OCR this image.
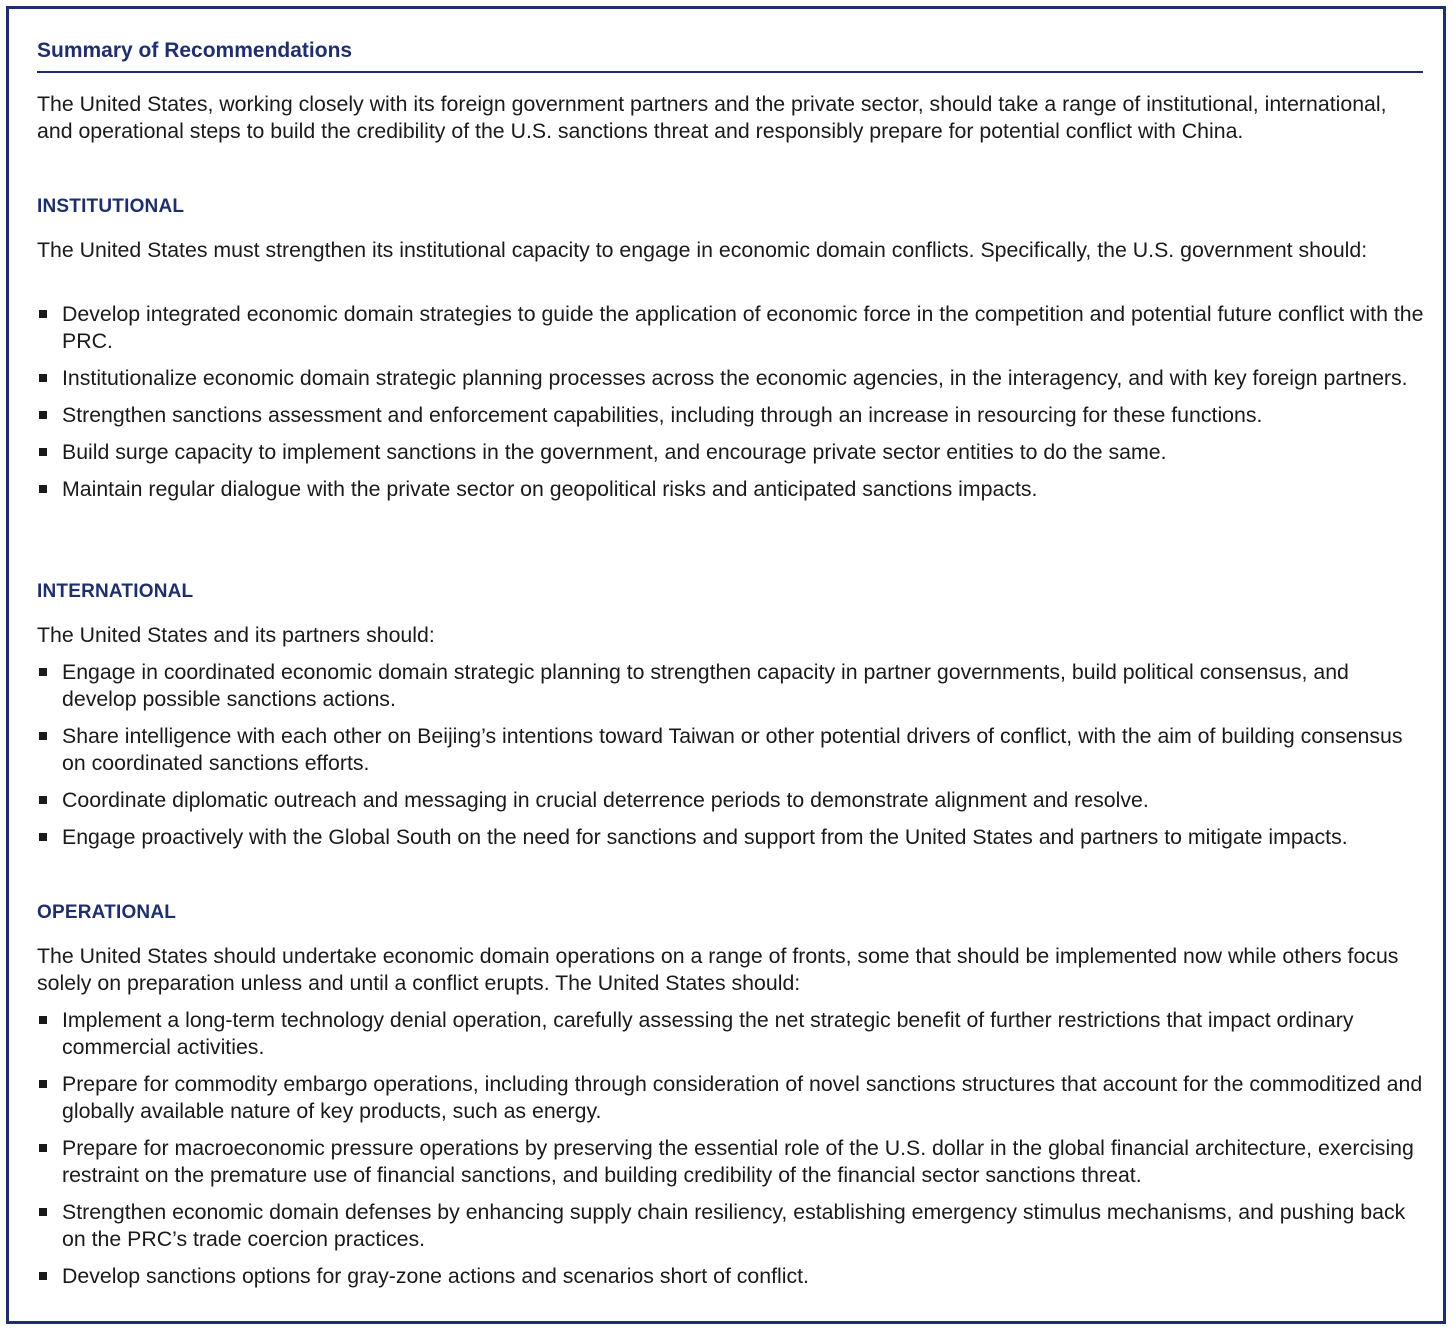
Summary of Recommendations

The United States, working closely with its foreign government partners and the private sector, should take a range of institutional, international, and operational steps to build the credibility of the U.S. sanctions threat and responsibly prepare for potential conflict with China.

INSTITUTIONAL

The United States must strengthen its institutional capacity to engage in economic domain conflicts. Specifically, the U.S. government should:

Develop integrated economic domain strategies to guide the application of economic force in the competition and potential future conflict with the PRC.
Institutionalize economic domain strategic planning processes across the economic agencies, in the interagency, and with key foreign partners.
Strengthen sanctions assessment and enforcement capabilities, including through an increase in resourcing for these functions.
Build surge capacity to implement sanctions in the government, and encourage private sector entities to do the same.
Maintain regular dialogue with the private sector on geopolitical risks and anticipated sanctions impacts.
INTERNATIONAL

The United States and its partners should:

Engage in coordinated economic domain strategic planning to strengthen capacity in partner governments, build political consensus, and develop possible sanctions actions.
Share intelligence with each other on Beijing’s intentions toward Taiwan or other potential drivers of conflict, with the aim of building consensus on coordinated sanctions efforts.
Coordinate diplomatic outreach and messaging in crucial deterrence periods to demonstrate alignment and resolve.
Engage proactively with the Global South on the need for sanctions and support from the United States and partners to mitigate impacts.
OPERATIONAL

The United States should undertake economic domain operations on a range of fronts, some that should be implemented now while others focus solely on preparation unless and until a conflict erupts. The United States should:

Implement a long-term technology denial operation, carefully assessing the net strategic benefit of further restrictions that impact ordinary commercial activities.
Prepare for commodity embargo operations, including through consideration of novel sanctions structures that account for the commoditized and globally available nature of key products, such as energy.
Prepare for macroeconomic pressure operations by preserving the essential role of the U.S. dollar in the global financial architecture, exercising restraint on the premature use of financial sanctions, and building credibility of the financial sector sanctions threat.
Strengthen economic domain defenses by enhancing supply chain resiliency, establishing emergency stimulus mechanisms, and pushing back on the PRC’s trade coercion practices.
Develop sanctions options for gray-zone actions and scenarios short of conflict.
